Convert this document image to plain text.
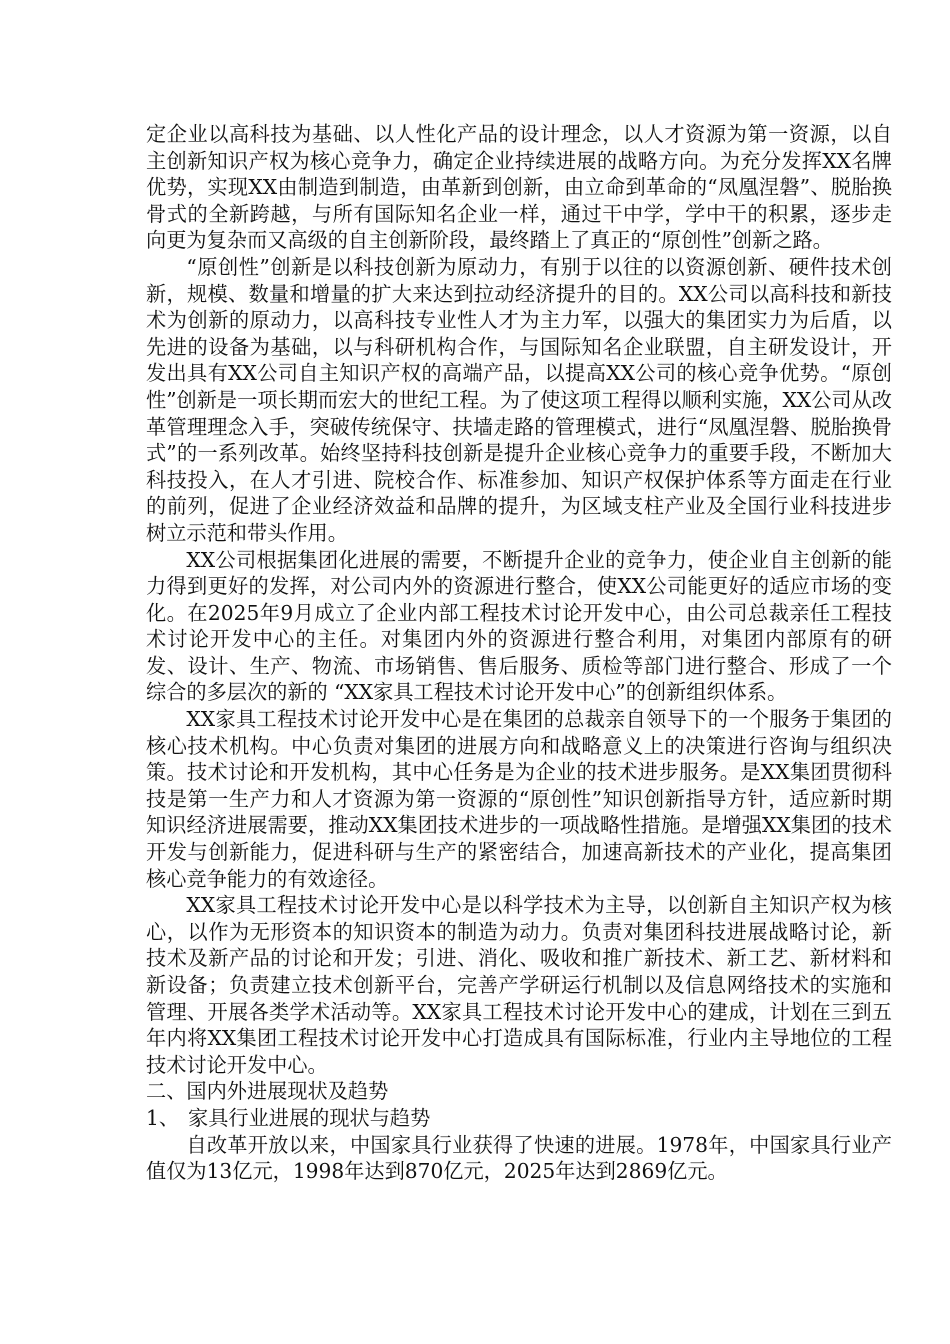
定企业以高科技为基础、以人性化产品的设计理念，以人才资源为第一资源，以自主创新知识产权为核心竞争力，确定企业持续进展的战略方向。为充分发挥XX名牌优势，实现XX由制造到制造，由革新到创新，由立命到革命的“凤凰涅磐”、脱胎换骨式的全新跨越，与所有国际知名企业一样，通过干中学，学中干的积累，逐步走向更为复杂而又高级的自主创新阶段，最终踏上了真正的“原创性”创新之路。

“原创性”创新是以科技创新为原动力，有别于以往的以资源创新、硬件技术创新，规模、数量和增量的扩大来达到拉动经济提升的目的。XX公司以高科技和新技术为创新的原动力，以高科技专业性人才为主力军，以强大的集团实力为后盾，以先进的设备为基础，以与科研机构合作，与国际知名企业联盟，自主研发设计，开发出具有XX公司自主知识产权的高端产品，以提高XX公司的核心竞争优势。“原创性”创新是一项长期而宏大的世纪工程。为了使这项工程得以顺利实施，XX公司从改革管理理念入手，突破传统保守、扶墙走路的管理模式，进行“凤凰涅磐、脱胎换骨式”的一系列改革。始终坚持科技创新是提升企业核心竞争力的重要手段，不断加大科技投入，在人才引进、院校合作、标准参加、知识产权保护体系等方面走在行业的前列，促进了企业经济效益和品牌的提升，为区域支柱产业及全国行业科技进步树立示范和带头作用。

XX公司根据集团化进展的需要，不断提升企业的竞争力，使企业自主创新的能力得到更好的发挥，对公司内外的资源进行整合，使XX公司能更好的适应市场的变化。在2025年9月成立了企业内部工程技术讨论开发中心，由公司总裁亲任工程技术讨论开发中心的主任。对集团内外的资源进行整合利用，对集团内部原有的研发、设计、生产、物流、市场销售、售后服务、质检等部门进行整合、形成了一个综合的多层次的新的 “XX家具工程技术讨论开发中心”的创新组织体系。

XX家具工程技术讨论开发中心是在集团的总裁亲自领导下的一个服务于集团的核心技术机构。中心负责对集团的进展方向和战略意义上的决策进行咨询与组织决策。技术讨论和开发机构，其中心任务是为企业的技术进步服务。是XX集团贯彻科技是第一生产力和人才资源为第一资源的“原创性”知识创新指导方针，适应新时期知识经济进展需要，推动XX集团技术进步的一项战略性措施。是增强XX集团的技术开发与创新能力，促进科研与生产的紧密结合，加速高新技术的产业化，提高集团核心竞争能力的有效途径。

XX家具工程技术讨论开发中心是以科学技术为主导，以创新自主知识产权为核心，以作为无形资本的知识资本的制造为动力。负责对集团科技进展战略讨论，新技术及新产品的讨论和开发；引进、消化、吸收和推广新技术、新工艺、新材料和新设备；负责建立技术创新平台，完善产学研运行机制以及信息网络技术的实施和管理、开展各类学术活动等。XX家具工程技术讨论开发中心的建成，计划在三到五年内将XX集团工程技术讨论开发中心打造成具有国际标准，行业内主导地位的工程技术讨论开发中心。

二、国内外进展现状及趋势

1、 家具行业进展的现状与趋势

自改革开放以来，中国家具行业获得了快速的进展。1978年，中国家具行业产值仅为13亿元，1998年达到870亿元，2025年达到2869亿元。
